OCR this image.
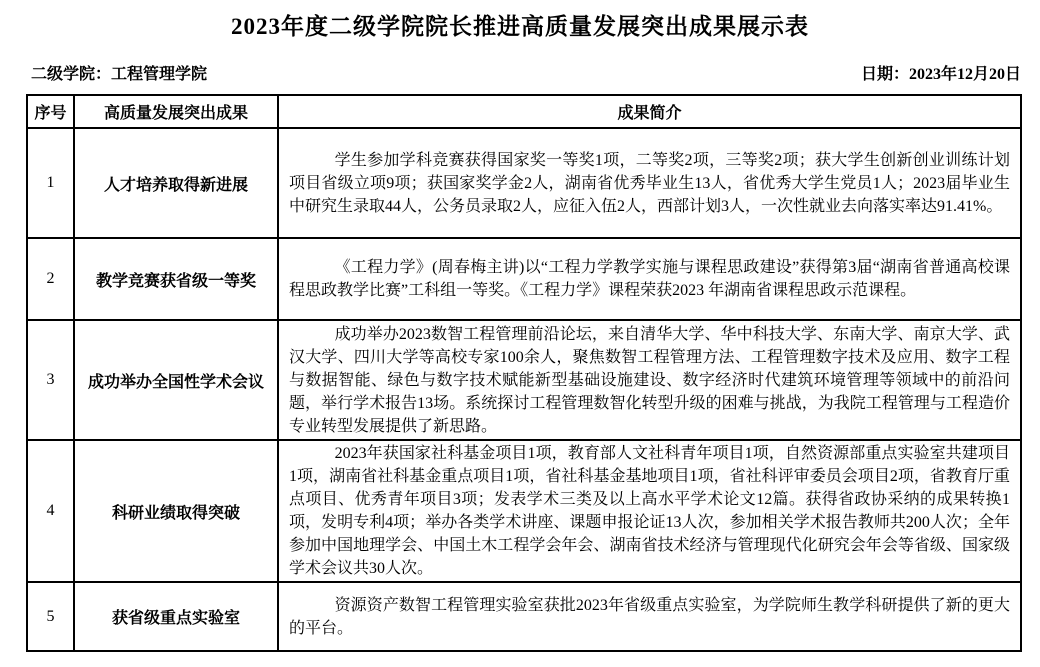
2023年度二级学院院长推进高质量发展突出成果展示表
二级学院：工程管理学院	日期：2023年12月20日
序号	高质量发展突出成果	成果简介
1	人才培养取得新进展	学生参加学科竞赛获得国家奖一等奖1项，二等奖2项，三等奖2项；获大学生创新创业训练计划项目省级立项9项；获国家奖学金2人，湖南省优秀毕业生13人，省优秀大学生党员1人；2023届毕业生中研究生录取44人，公务员录取2人，应征入伍2人，西部计划3人，一次性就业去向落实率达91.41%。

2	教学竞赛获省级一等奖	《工程力学》(周春梅主讲)以“工程力学教学实施与课程思政建设”获得第3届“湖南省普通高校课程思政教学比赛”工科组一等奖。《工程力学》课程荣获2023 年湖南省课程思政示范课程。

3	成功举办全国性学术会议	成功举办2023数智工程管理前沿论坛，来自清华大学、华中科技大学、东南大学、南京大学、武汉大学、四川大学等高校专家100余人，聚焦数智工程管理方法、工程管理数字技术及应用、数字工程与数据智能、绿色与数字技术赋能新型基础设施建设、数字经济时代建筑环境管理等领域中的前沿问题，举行学术报告13场。系统探讨工程管理数智化转型升级的困难与挑战，为我院工程管理与工程造价专业转型发展提供了新思路。

4	科研业绩取得突破	2023年获国家社科基金项目1项，教育部人文社科青年项目1项，自然资源部重点实验室共建项目1项，湖南省社科基金重点项目1项，省社科基金基地项目1项，省社科评审委员会项目2项，省教育厅重点项目、优秀青年项目3项；发表学术三类及以上高水平学术论文12篇。获得省政协采纳的成果转换1项，发明专利4项；举办各类学术讲座、课题申报论证13人次，参加相关学术报告教师共200人次；全年参加中国地理学会、中国土木工程学会年会、湖南省技术经济与管理现代化研究会年会等省级、国家级学术会议共30人次。

5	获省级重点实验室	资源资产数智工程管理实验室获批2023年省级重点实验室，为学院师生教学科研提供了新的更大的平台。
